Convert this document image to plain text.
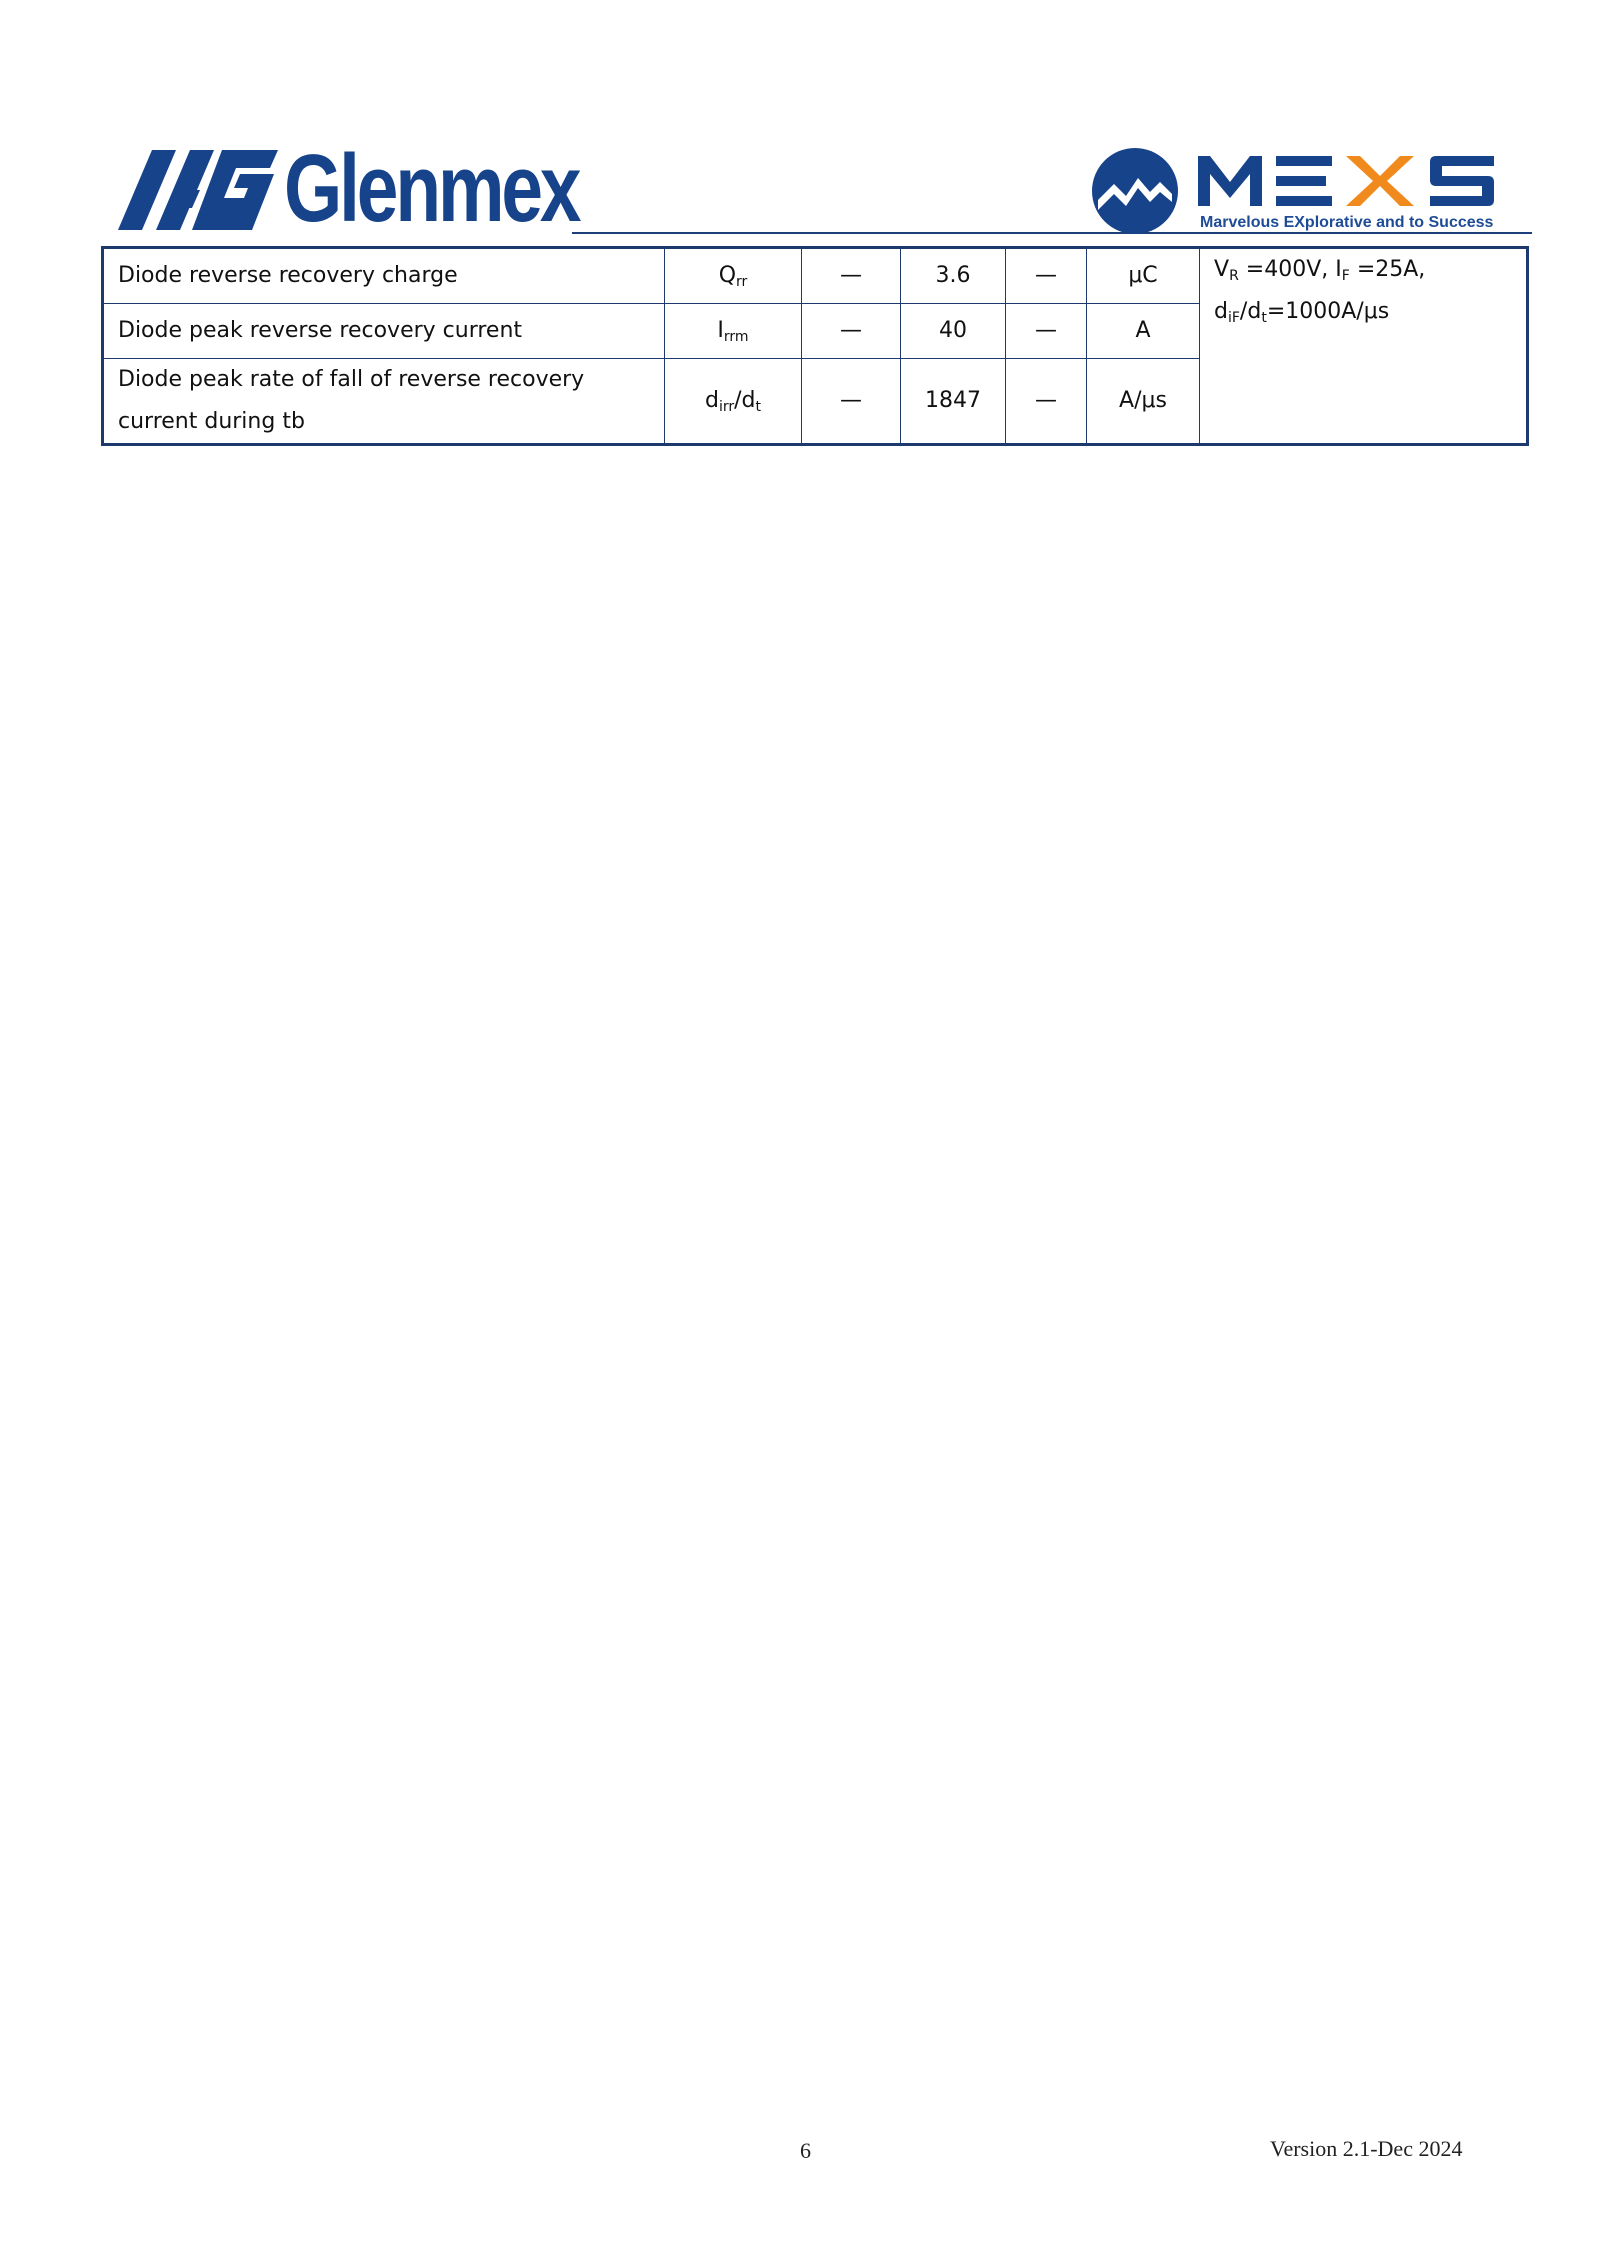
Glenmex	Marvelous EXplorative and to Success
Diode reverse recovery charge	$Q_{rr}$	—	3.6	—	μC	$V_R =400V$, $I_F =25A$,
$d_{iF}/d_t=1000A/\mu s$

Diode peak reverse recovery current	$I_{rrm}$	—	40	—	A	

Diode peak rate of fall of reverse recovery
current during tb	$d_{irr}/d_t$	—	1847	—	A/μs	
6	Version 2.1-Dec 2024
